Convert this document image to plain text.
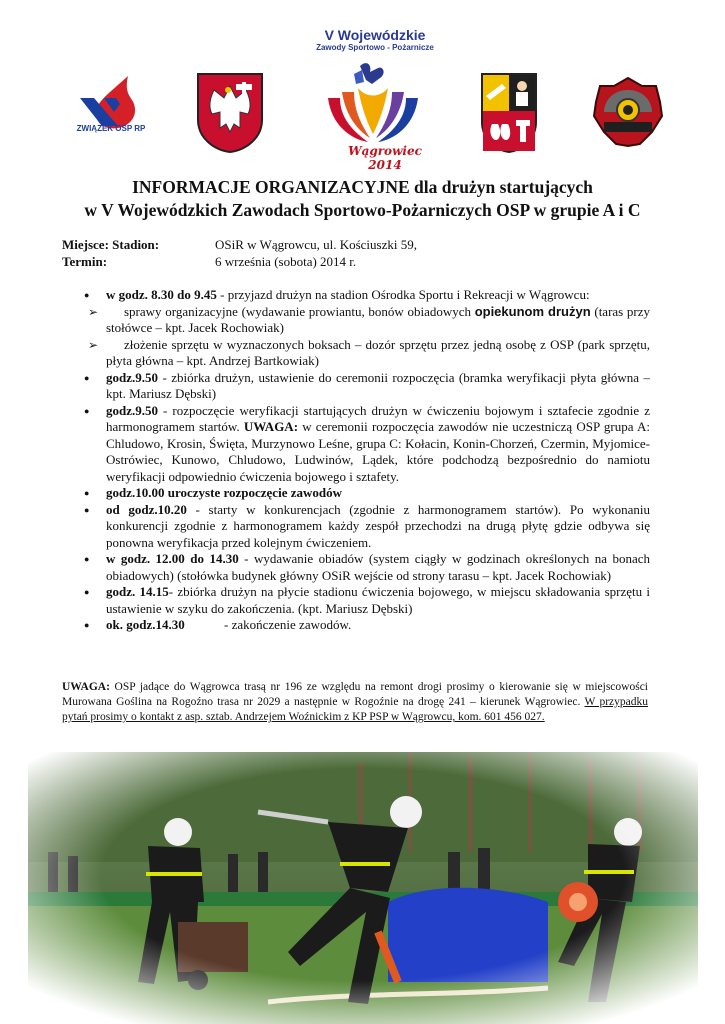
ZWIĄZEK OSP RP
V Wojewódzkie
Zawody Sportowo - Pożarnicze
Wągrowiec 2014
INFORMACJE ORGANIZACYJNE dla drużyn startujących
w V Wojewódzkich Zawodach Sportowo-Pożarniczych OSP w grupie A i C
Miejsce: Stadion:	OSiR w Wągrowcu, ul. Kościuszki 59,
Termin:	6 września (sobota) 2014 r.
● w godz. 8.30 do 9.45 - przyjazd drużyn na stadion Ośrodka Sportu i Rekreacji w Wągrowcu:
➢ sprawy organizacyjne (wydawanie prowiantu, bonów obiadowych opiekunom drużyn (taras przy stołówce – kpt. Jacek Rochowiak)
➢ złożenie sprzętu w wyznaczonych boksach – dozór sprzętu przez jedną osobę z OSP (park sprzętu, płyta główna – kpt. Andrzej Bartkowiak)
● godz.9.50 - zbiórka drużyn, ustawienie do ceremonii rozpoczęcia (bramka weryfikacji płyta główna – kpt. Mariusz Dębski)
● godz.9.50 - rozpoczęcie weryfikacji startujących drużyn w ćwiczeniu bojowym i sztafecie zgodnie z harmonogramem startów. UWAGA: w ceremonii rozpoczęcia zawodów nie uczestniczą OSP grupa A: Chludowo, Krosin, Święta, Murzynowo Leśne, grupa C: Kołacin, Konin-Chorzeń, Czermin, Myjomice-Ostrówiec, Kunowo, Chludowo, Ludwinów, Lądek, które podchodzą bezpośrednio do namiotu weryfikacji odpowiednio ćwiczenia bojowego i sztafety.
● godz.10.00 uroczyste rozpoczęcie zawodów
● od godz.10.20 - starty w konkurencjach (zgodnie z harmonogramem startów). Po wykonaniu konkurencji zgodnie z harmonogramem każdy zespół przechodzi na drugą płytę gdzie odbywa się ponowna weryfikacja przed kolejnym ćwiczeniem.
● w godz. 12.00 do 14.30 - wydawanie obiadów (system ciągły w godzinach określonych na bonach obiadowych) (stołówka budynek główny OSiR wejście od strony tarasu – kpt. Jacek Rochowiak)
● godz. 14.15- zbiórka drużyn na płycie stadionu ćwiczenia bojowego, w miejscu składowania sprzętu i ustawienie w szyku do zakończenia. (kpt. Mariusz Dębski)
● ok. godz.14.30	- zakończenie zawodów.
UWAGA: OSP jadące do Wągrowca trasą nr 196 ze względu na remont drogi prosimy o kierowanie się w miejscowości Murowana Goślina na Rogoźno trasa nr 2029 a następnie w Rogoźnie na drogę 241 – kierunek Wągrowiec. W przypadku pytań prosimy o kontakt z asp. sztab. Andrzejem Woźnickim z KP PSP w Wągrowcu, kom. 601 456 027.
